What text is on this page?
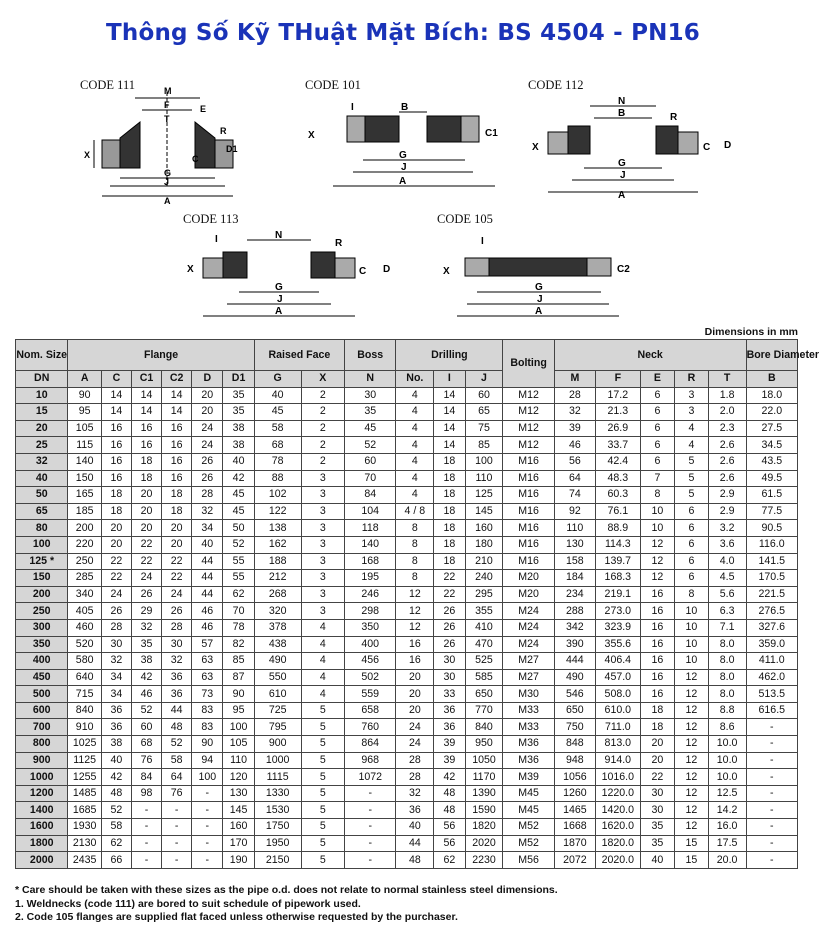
Thông Số Kỹ THuật Mặt Bích: BS 4504 - PN16
CODE 111	M
F
T
E
R
X	C
D1
G
J
A
CODE 101
I	B
X	C1
G
J
A
CODE 112
N
B	R
X	C D
G
J
A
CODE 113
N
I	R
X	C D
G
J
A
CODE 105
I
X	C2
G
J
A
Dimensions in mm
Nom. Size	Flange						Raised Face		Boss	Drilling			Bolting	Neck					Bore Diameter
DN	A	C	C1	C2	D	D1	G	X	N	No.	I	J		M	F	E	R	T	B
10	90	14	14	14	20	35	40	2	30	4	14	60	M12	28	17.2	6	3	1.8	18.0
15	95	14	14	14	20	35	45	2	35	4	14	65	M12	32	21.3	6	3	2.0	22.0
20	105	16	16	16	24	38	58	2	45	4	14	75	M12	39	26.9	6	4	2.3	27.5
25	115	16	16	16	24	38	68	2	52	4	14	85	M12	46	33.7	6	4	2.6	34.5
32	140	16	18	16	26	40	78	2	60	4	18	100	M16	56	42.4	6	5	2.6	43.5
40	150	16	18	16	26	42	88	3	70	4	18	110	M16	64	48.3	7	5	2.6	49.5
50	165	18	20	18	28	45	102	3	84	4	18	125	M16	74	60.3	8	5	2.9	61.5
65	185	18	20	18	32	45	122	3	104	4 / 8	18	145	M16	92	76.1	10	6	2.9	77.5
80	200	20	20	20	34	50	138	3	118	8	18	160	M16	110	88.9	10	6	3.2	90.5
100	220	20	22	20	40	52	162	3	140	8	18	180	M16	130	114.3	12	6	3.6	116.0
125 *	250	22	22	22	44	55	188	3	168	8	18	210	M16	158	139.7	12	6	4.0	141.5
150	285	22	24	22	44	55	212	3	195	8	22	240	M20	184	168.3	12	6	4.5	170.5
200	340	24	26	24	44	62	268	3	246	12	22	295	M20	234	219.1	16	8	5.6	221.5
250	405	26	29	26	46	70	320	3	298	12	26	355	M24	288	273.0	16	10	6.3	276.5
300	460	28	32	28	46	78	378	4	350	12	26	410	M24	342	323.9	16	10	7.1	327.6
350	520	30	35	30	57	82	438	4	400	16	26	470	M24	390	355.6	16	10	8.0	359.0
400	580	32	38	32	63	85	490	4	456	16	30	525	M27	444	406.4	16	10	8.0	411.0
450	640	34	42	36	63	87	550	4	502	20	30	585	M27	490	457.0	16	12	8.0	462.0
500	715	34	46	36	73	90	610	4	559	20	33	650	M30	546	508.0	16	12	8.0	513.5
600	840	36	52	44	83	95	725	5	658	20	36	770	M33	650	610.0	18	12	8.8	616.5
700	910	36	60	48	83	100	795	5	760	24	36	840	M33	750	711.0	18	12	8.6	-
800	1025	38	68	52	90	105	900	5	864	24	39	950	M36	848	813.0	20	12	10.0	-
900	1125	40	76	58	94	110	1000	5	968	28	39	1050	M36	948	914.0	20	12	10.0	-
1000	1255	42	84	64	100	120	1115	5	1072	28	42	1170	M39	1056	1016.0	22	12	10.0	-
1200	1485	48	98	76	-	130	1330	5	-	32	48	1390	M45	1260	1220.0	30	12	12.5	-
1400	1685	52	-	-	-	145	1530	5	-	36	48	1590	M45	1465	1420.0	30	12	14.2	-
1600	1930	58	-	-	-	160	1750	5	-	40	56	1820	M52	1668	1620.0	35	12	16.0	-
1800	2130	62	-	-	-	170	1950	5	-	44	56	2020	M52	1870	1820.0	35	15	17.5	-
2000	2435	66	-	-	-	190	2150	5	-	48	62	2230	M56	2072	2020.0	40	15	20.0	-
* Care should be taken with these sizes as the pipe o.d. does not relate to normal stainless steel dimensions.
1. Weldnecks (code 111) are bored to suit schedule of pipework used.
2. Code 105 flanges are supplied flat faced unless otherwise requested by the purchaser.
